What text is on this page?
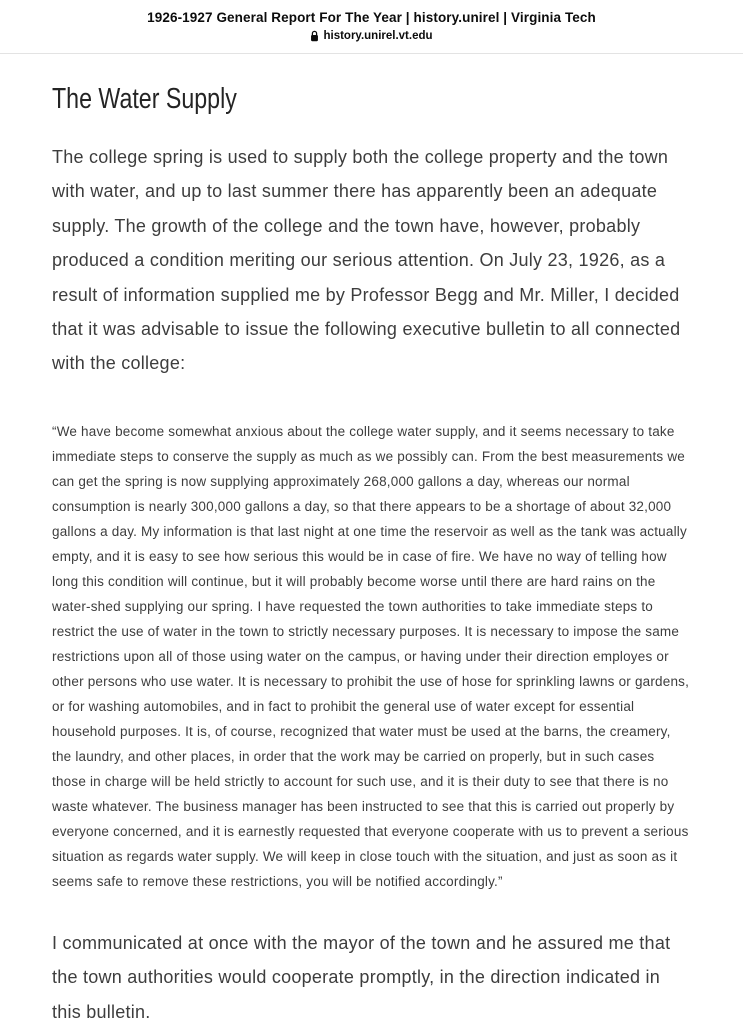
1926-1927 General Report For The Year | history.unirel | Virginia Tech
history.unirel.vt.edu
The Water Supply

The college spring is used to supply both the college property and the town with water, and up to last summer there has apparently been an adequate supply. The growth of the college and the town have, however, probably produced a condition meriting our serious attention. On July 23, 1926, as a result of information supplied me by Professor Begg and Mr. Miller, I decided that it was advisable to issue the following executive bulletin to all connected with the college:

“We have become somewhat anxious about the college water supply, and it seems necessary to take immediate steps to conserve the supply as much as we possibly can. From the best measurements we can get the spring is now supplying approximately 268,000 gallons a day, whereas our normal consumption is nearly 300,000 gallons a day, so that there appears to be a shortage of about 32,000 gallons a day. My information is that last night at one time the reservoir as well as the tank was actually empty, and it is easy to see how serious this would be in case of fire. We have no way of telling how long this condition will continue, but it will probably become worse until there are hard rains on the water-shed supplying our spring. I have requested the town authorities to take immediate steps to restrict the use of water in the town to strictly necessary purposes. It is necessary to impose the same restrictions upon all of those using water on the campus, or having under their direction employes or other persons who use water. It is necessary to prohibit the use of hose for sprinkling lawns or gardens, or for washing automobiles, and in fact to prohibit the general use of water except for essential household purposes. It is, of course, recognized that water must be used at the barns, the creamery, the laundry, and other places, in order that the work may be carried on properly, but in such cases those in charge will be held strictly to account for such use, and it is their duty to see that there is no waste whatever. The business manager has been instructed to see that this is carried out properly by everyone concerned, and it is earnestly requested that everyone cooperate with us to prevent a serious situation as regards water supply. We will keep in close touch with the situation, and just as soon as it seems safe to remove these restrictions, you will be notified accordingly.”

I communicated at once with the mayor of the town and he assured me that the town authorities would cooperate promptly, in the direction indicated in this bulletin.
